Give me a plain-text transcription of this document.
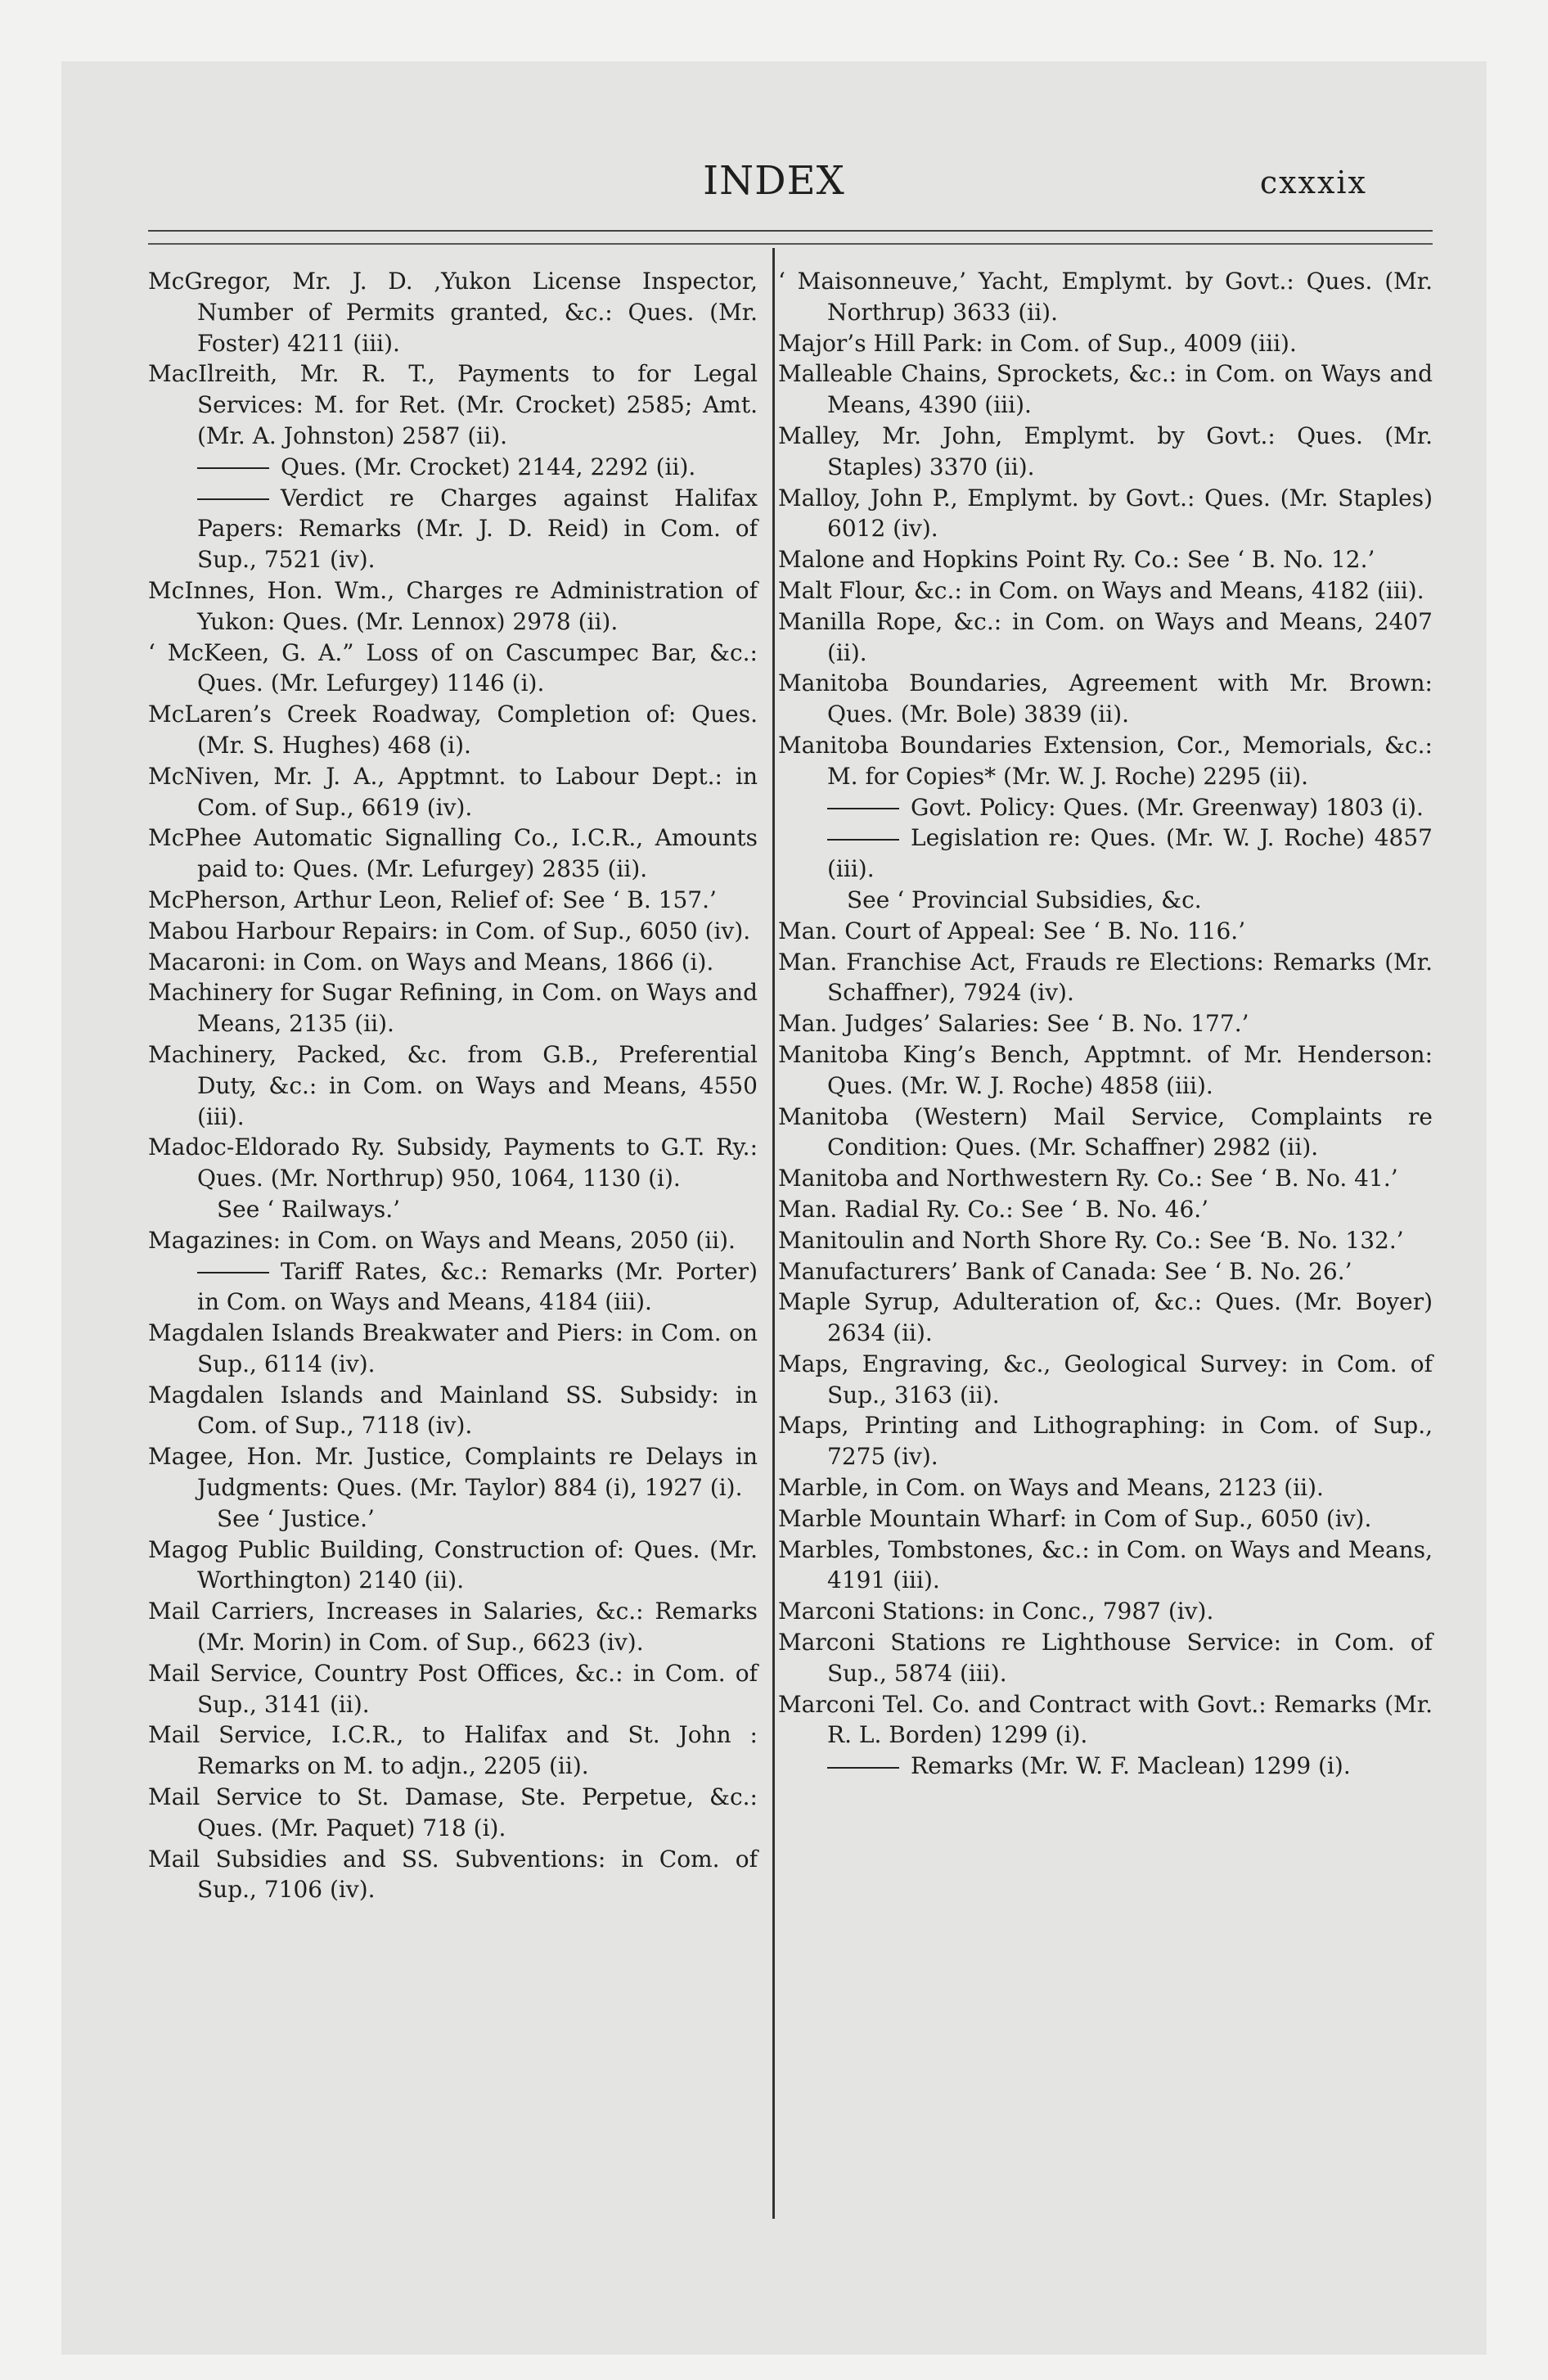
INDEX	cxxxix

McGregor, Mr. J. D. ,Yukon License Inspector, Number of Permits granted, &c.: Ques. (Mr. Foster) 4211 (iii).

MacIlreith, Mr. R. T., Payments to for Legal Services: M. for Ret. (Mr. Crocket) 2585; Amt. (Mr. A. Johnston) 2587 (ii).

Ques. (Mr. Crocket) 2144, 2292 (ii).

Verdict re Charges against Halifax Papers: Remarks (Mr. J. D. Reid) in Com. of Sup., 7521 (iv).

McInnes, Hon. Wm., Charges re Administration of Yukon: Ques. (Mr. Lennox) 2978 (ii).

‘ McKeen, G. A.” Loss of on Cascumpec Bar, &c.: Ques. (Mr. Lefurgey) 1146 (i).

McLaren’s Creek Roadway, Completion of: Ques. (Mr. S. Hughes) 468 (i).

McNiven, Mr. J. A., Apptmnt. to Labour Dept.: in Com. of Sup., 6619 (iv).

McPhee Automatic Signalling Co., I.C.R., Amounts paid to: Ques. (Mr. Lefurgey) 2835 (ii).

McPherson, Arthur Leon, Relief of: See ‘ B. 157.’

Mabou Harbour Repairs: in Com. of Sup., 6050 (iv).

Macaroni: in Com. on Ways and Means, 1866 (i).

Machinery for Sugar Refining, in Com. on Ways and Means, 2135 (ii).

Machinery, Packed, &c. from G.B., Preferential Duty, &c.: in Com. on Ways and Means, 4550 (iii).

Madoc-Eldorado Ry. Subsidy, Payments to G.T. Ry.: Ques. (Mr. Northrup) 950, 1064, 1130 (i).

See ‘ Railways.’

Magazines: in Com. on Ways and Means, 2050 (ii).

Tariff Rates, &c.: Remarks (Mr. Porter) in Com. on Ways and Means, 4184 (iii).

Magdalen Islands Breakwater and Piers: in Com. on Sup., 6114 (iv).

Magdalen Islands and Mainland SS. Subsidy: in Com. of Sup., 7118 (iv).

Magee, Hon. Mr. Justice, Complaints re Delays in Judgments: Ques. (Mr. Taylor) 884 (i), 1927 (i).

See ‘ Justice.’

Magog Public Building, Construction of: Ques. (Mr. Worthington) 2140 (ii).

Mail Carriers, Increases in Salaries, &c.: Remarks (Mr. Morin) in Com. of Sup., 6623 (iv).

Mail Service, Country Post Offices, &c.: in Com. of Sup., 3141 (ii).

Mail Service, I.C.R., to Halifax and St. John : Remarks on M. to adjn., 2205 (ii).

Mail Service to St. Damase, Ste. Perpetue, &c.: Ques. (Mr. Paquet) 718 (i).

Mail Subsidies and SS. Subventions: in Com. of Sup., 7106 (iv).

‘ Maisonneuve,’ Yacht, Emplymt. by Govt.: Ques. (Mr. Northrup) 3633 (ii).

Major’s Hill Park: in Com. of Sup., 4009 (iii).

Malleable Chains, Sprockets, &c.: in Com. on Ways and Means, 4390 (iii).

Malley, Mr. John, Emplymt. by Govt.: Ques. (Mr. Staples) 3370 (ii).

Malloy, John P., Emplymt. by Govt.: Ques. (Mr. Staples) 6012 (iv).

Malone and Hopkins Point Ry. Co.: See ‘ B. No. 12.’

Malt Flour, &c.: in Com. on Ways and Means, 4182 (iii).

Manilla Rope, &c.: in Com. on Ways and Means, 2407 (ii).

Manitoba Boundaries, Agreement with Mr. Brown: Ques. (Mr. Bole) 3839 (ii).

Manitoba Boundaries Extension, Cor., Memorials, &c.: M. for Copies* (Mr. W. J. Roche) 2295 (ii).

Govt. Policy: Ques. (Mr. Greenway) 1803 (i).

Legislation re: Ques. (Mr. W. J. Roche) 4857 (iii).

See ‘ Provincial Subsidies, &c.

Man. Court of Appeal: See ‘ B. No. 116.’

Man. Franchise Act, Frauds re Elections: Remarks (Mr. Schaffner), 7924 (iv).

Man. Judges’ Salaries: See ‘ B. No. 177.’

Manitoba King’s Bench, Apptmnt. of Mr. Henderson: Ques. (Mr. W. J. Roche) 4858 (iii).

Manitoba (Western) Mail Service, Complaints re Condition: Ques. (Mr. Schaffner) 2982 (ii).

Manitoba and Northwestern Ry. Co.: See ‘ B. No. 41.’

Man. Radial Ry. Co.: See ‘ B. No. 46.’

Manitoulin and North Shore Ry. Co.: See ‘B. No. 132.’

Manufacturers’ Bank of Canada: See ‘ B. No. 26.’

Maple Syrup, Adulteration of, &c.: Ques. (Mr. Boyer) 2634 (ii).

Maps, Engraving, &c., Geological Survey: in Com. of Sup., 3163 (ii).

Maps, Printing and Lithographing: in Com. of Sup., 7275 (iv).

Marble, in Com. on Ways and Means, 2123 (ii).

Marble Mountain Wharf: in Com of Sup., 6050 (iv).

Marbles, Tombstones, &c.: in Com. on Ways and Means, 4191 (iii).

Marconi Stations: in Conc., 7987 (iv).

Marconi Stations re Lighthouse Service: in Com. of Sup., 5874 (iii).

Marconi Tel. Co. and Contract with Govt.: Remarks (Mr. R. L. Borden) 1299 (i).

Remarks (Mr. W. F. Maclean) 1299 (i).
